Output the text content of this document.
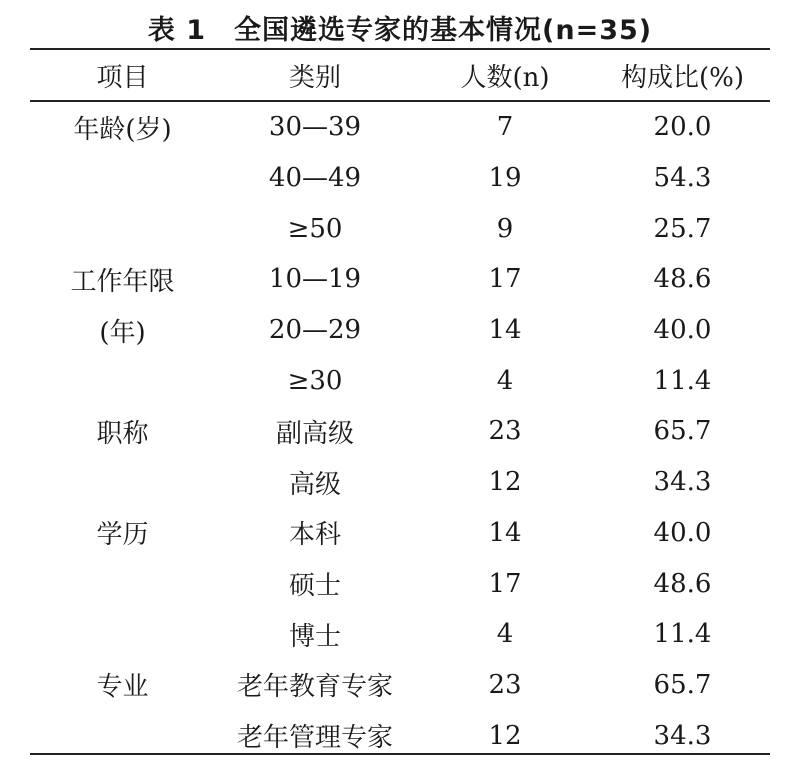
表 1　全国遴选专家的基本情况(n=35)
项目	类别	人数(n)	构成比(%)
年龄(岁)	30—39	7	20.0
	40—49	19	54.3
	≥50	9	25.7
工作年限	10—19	17	48.6
(年)	20—29	14	40.0
	≥30	4	11.4
职称	副高级	23	65.7
	高级	12	34.3
学历	本科	14	40.0
	硕士	17	48.6
	博士	4	11.4
专业	老年教育专家	23	65.7
	老年管理专家	12	34.3
